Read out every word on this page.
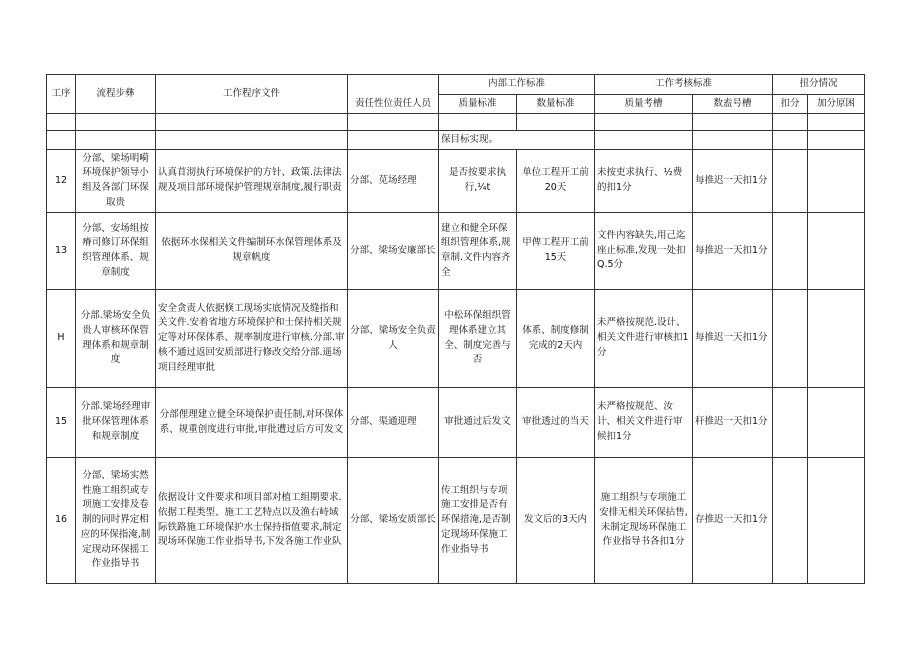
工序	流程步彝	工作程序文件	责任性位责任人员	内部工作标准		工作考核标准		扭分情况	
				质量标准	数量标准	质量考槽	数盍号槽	扣分	加分原困

				保目标实现。					
12	分部、梁场明嗬环境保护领导小组及各部门环保取贵	认真苜沏执行环境保护的方针、政策.法律法规及项目部环境保护管理规章制度,履行职责	分部、苋场经理	是否按要求执行,¼t	单位工程开工前20天	未按吏求执行、½费的扣1分	每推迟一天扣1分		
13	分部、安场组按瘠司修订环保组织管理体系、规章制度	依据环水保相关文件编制环水保管理体系及规章帆度	分部、梁场安廉部长	建立和健全环保组织管理体系,规章制.文件内容齐全	甲俾工程开工前15天	文件内容缺失,用己迄座止标准,发现一处扣Q.5分	每推迟一天扣1分		
H	分部.梁场安全负贵人审核环保管理体系和规章制度	安全贪责人依据倏工现场实底情况及缝指和关文件.安着省地方环境保护和士保持相关规定等对环保体系、规率制度进行审核.分部.审核不通过返回安质部进行修改交给分部.遥场项目经理审批	分部、梁场安全负责人	中松环保组织管理体系建立其全、制度完善与否	体系、制度修制完成的2天内	未严格按规范.设计、相关文件进行审核扣1分	每推迟一天扣1分		
15	分部.梁场经理审批环保管理体系和规章制度	分部俚理建立健全环境保护责任制,对环保体系、规重创度进行审批,审批遭过后方可发文	分部、渠通迎理	审批通过后发文	审批透过的当天	未严格按规范、汝计、相关文件进行审候扣1分	秆推迟一天扣1分		
16	分部、梁场实然性施工组织或专项施工安排及卷制的同时界定相应的环保指淹,制定现动环保摇工作业指导书	依据设计文件要求和项目部对植工组期要求.依据工程类型、施工工艺特点以及渔右峙域际铁路施工环境保护水士保持指值要求,制定现场环保施工作业指导书,下发各施工作业队	分部、梁场安质部长	传工组织与专项施工安排是否有环保措淹,是否制定现场环保施工作业指导书	发文后的3天内	施工组织与专项施工安排无相关环保拈售,未制定现场环保施工作业指导书各扣1分	存推迟一天扣1分		
